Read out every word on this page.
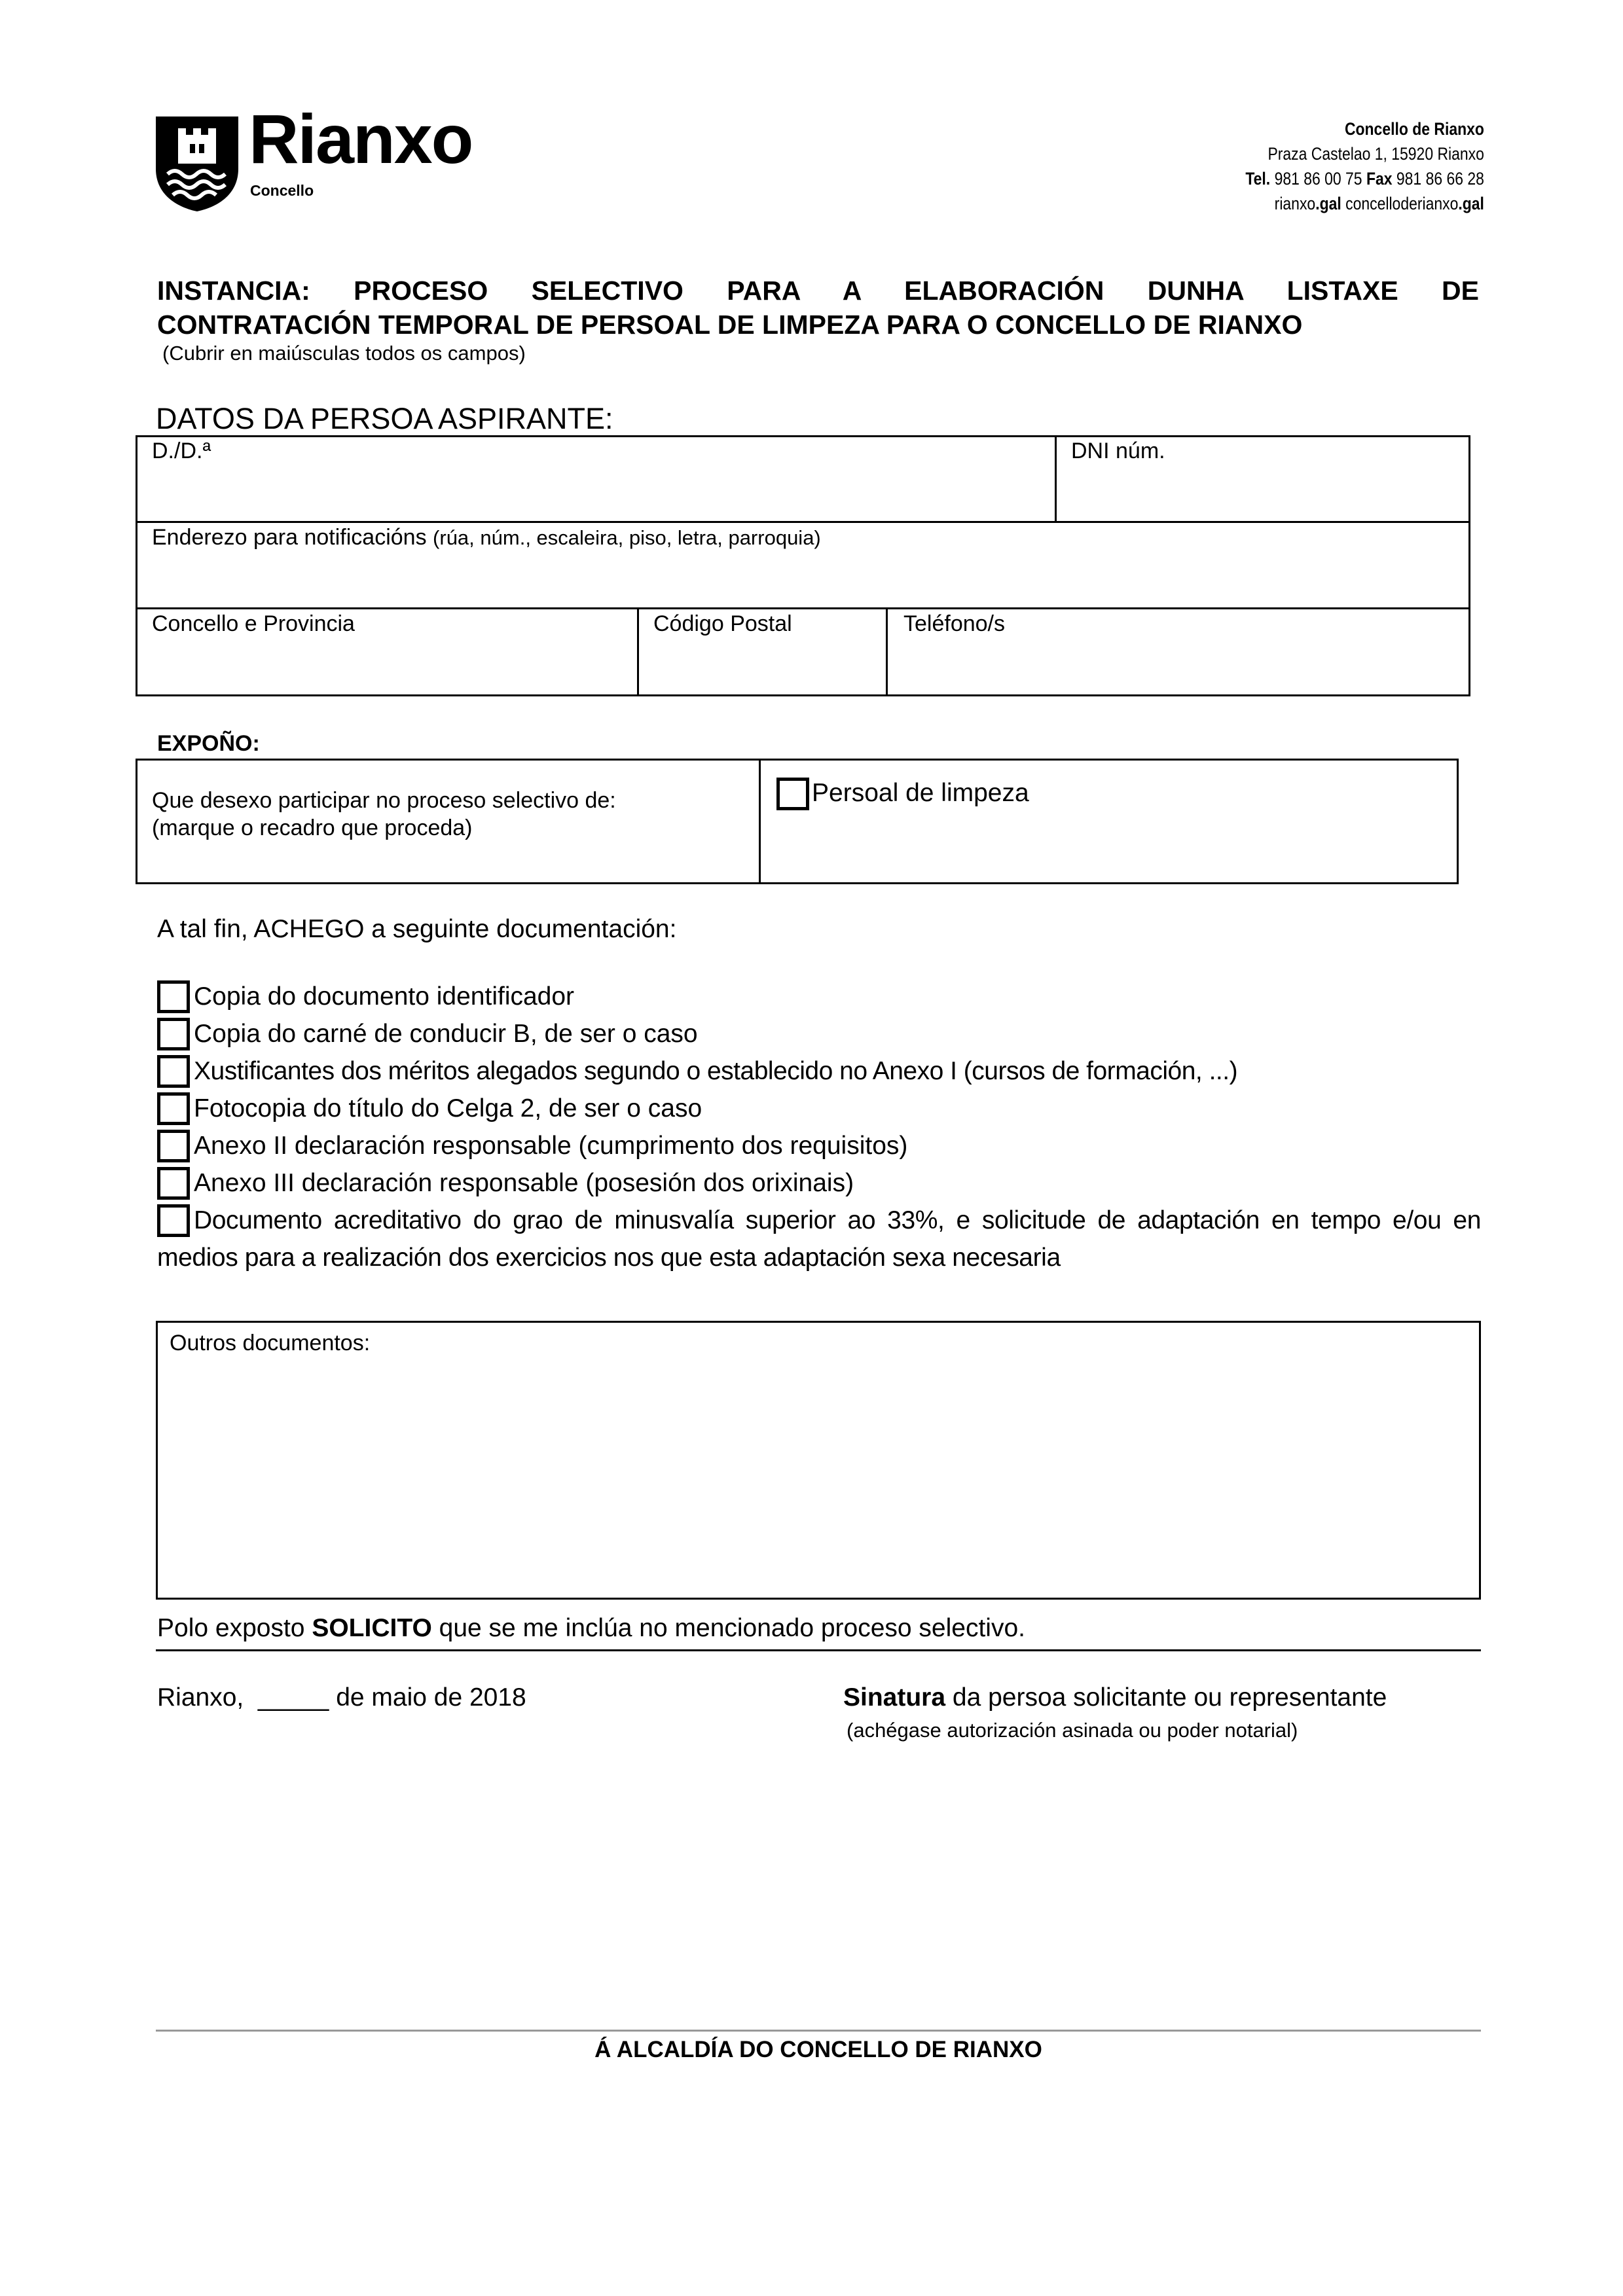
Rianxo
Concello
Concello de Rianxo
Praza Castelao 1, 15920 Rianxo
Tel. 981 86 00 75 Fax 981 86 66 28
rianxo.gal concelloderianxo.gal
INSTANCIA: PROCESO SELECTIVO PARA A ELABORACIÓN DUNHA LISTAXE DE
CONTRATACIÓN TEMPORAL DE PERSOAL DE LIMPEZA PARA O CONCELLO DE RIANXO
(Cubrir en maiúsculas todos os campos)
DATOS DA PERSOA ASPIRANTE:
D./D.ª	DNI núm.
Enderezo para notificacións (rúa, núm., escaleira, piso, letra, parroquia)
Concello e Provincia	Código Postal	Teléfono/s
EXPOÑO:
Que desexo participar no proceso selectivo de:
(marque o recadro que proceda)
Persoal de limpeza
A tal fin, ACHEGO a seguinte documentación:
Copia do documento identificador
Copia do carné de conducir B, de ser o caso
Xustificantes dos méritos alegados segundo o establecido no Anexo I (cursos de formación, ...)
Fotocopia do título do Celga 2, de ser o caso
Anexo II declaración responsable (cumprimento dos requisitos)
Anexo III declaración responsable (posesión dos orixinais)
Documento acreditativo do grao de minusvalía superior ao 33%, e solicitude de adaptación en tempo e/ou en medios para a realización dos exercicios nos que esta adaptación sexa necesaria
Outros documentos:
Polo exposto SOLICITO que se me inclúa no mencionado proceso selectivo.
Rianxo,  _____ de maio de 2018	Sinatura da persoa solicitante ou representante
(achégase autorización asinada ou poder notarial)
Á ALCALDÍA DO CONCELLO DE RIANXO
